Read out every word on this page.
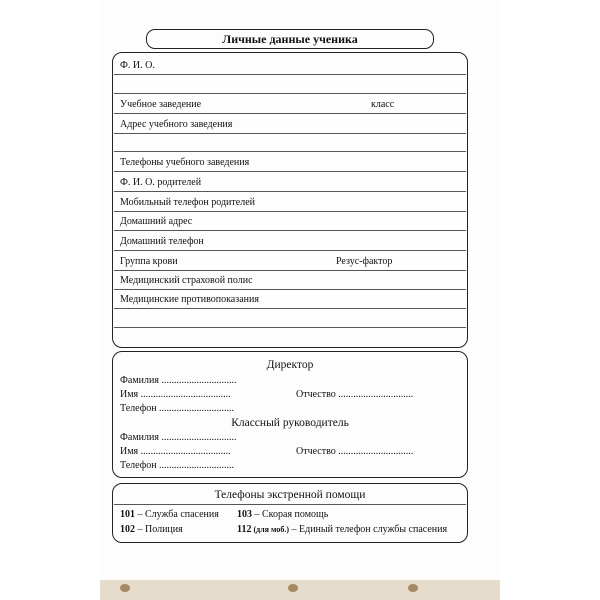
Личные данные ученика
Ф. И. О.
Учебное заведение	класс
Адрес учебного заведения
Телефоны учебного заведения
Ф. И. О. родителей
Мобильный телефон родителей
Домашний адрес
Домашний телефон
Группа крови	Резус-фактор
Медицинский страховой полис
Медицинские противопоказания
Директор
Фамилия ..............................
Имя ....................................	Отчество ..............................
Телефон ..............................
Классный руководитель
Фамилия ..............................
Имя ....................................	Отчество ..............................
Телефон ..............................
Телефоны экстренной помощи
101 – Служба спасения 103 – Скорая помощь
102 – Полиция	112 (для моб.) – Единый телефон службы спасения
